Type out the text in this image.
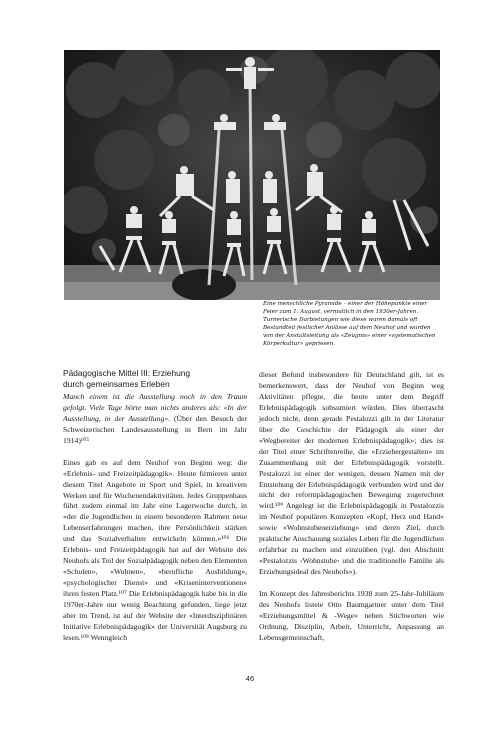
Eine menschliche Pyramide – einer der Höhepunkte einer

Feier zum 1. August, vermutlich in den 1930er-Jahren.

Turnerische Darbietungen wie diese waren damals oft

Bestandteil festlicher Anlässe auf dem Neuhof und wurden

von der Anstaltsleitung als «Zeugnis» einer «systematischen

Körperkultur» gepriesen.

Pädagogische Mittel III: Erziehung
durch gemeinsames Erleben

Manch einem ist die Ausstellung noch in den Traum gefolgt. Viele Tage hörte man nichts anderes als: «In der Ausstellung, in der Ausstellung». (Über den Besuch der Schweizerischen Landesausstellung in Bern im Jahr 1914)¹⁰⁵

Eines gab es auf dem Neuhof von Beginn weg: die «Erlebnis- und Freizeitpädagogik». Heute firmieren unter diesem Titel Angebote in Sport und Spiel, in kreativem Werken und für Wochenendaktivitäten. Jedes Gruppenhaus führt zudem einmal im Jahr eine Lagerwoche durch, in «der die Jugendlichen in einem besonderen Rahmen neue Lebenserfahrungen machen, ihre Persönlichkeit stärken und das Sozialverhalten entwickeln können.»¹⁰⁶ Die Erlebnis- und Freizeitpädagogik hat auf der Website des Neuhofs als Teil der Sozialpädagogik neben den Elementen «Schulen», «Wohnen», «berufliche Ausbildung», «psychologischer Dienst» und «Kriseninterventionen» ihren festen Platz.¹⁰⁷ Die Erlebnispädagogik habe bis in die 1970er-Jahre nur wenig Beachtung gefunden, liege jetzt aber im Trend, ist auf der Website der «Interdisziplinären Initiative Erlebnispädagogik» der Universität Augsburg zu lesen.¹⁰⁸ Wenngleich

dieser Befund insbesondere für Deutschland gilt, ist es bemerkenswert, dass der Neuhof von Beginn weg Aktivitäten pflegte, die heute unter dem Begriff Erlebnispädagogik subsumiert würden. Dies überrascht jedoch nicht, denn gerade Pestalozzi gilt in der Literatur über die Geschichte der Pädagogik als einer der «Wegbereiter der modernen Erlebnispädagogik»; dies ist der Titel einer Schriftenreihe, die «Erziehergestalten» im Zusammenhang mit der Erlebnispädagogik vorstellt. Pestalozzi ist einer der wenigen, dessen Namen mit der Entstehung der Erlebnispädagogik verbunden wird und der nicht der reformpädagogischen Bewegung zugerechnet wird.¹⁰⁹ Angelegt ist die Erlebnispädagogik in Pestalozzis im Neuhof populären Konzepten «Kopf, Herz und Hand» sowie «Wohnstubenerziehung» und deren Ziel, durch praktische Anschauung soziales Leben für die Jugendlichen erfahrbar zu machen und einzuüben (vgl. den Abschnitt «Pestalozzis ‹Wohnstube› und die traditionelle Familie als Erziehungsideal des Neuhofs»).

Im Konzept des Jahresberichts 1938 zum 25-Jahr-Jubiläum des Neuhofs listete Otto Baumgartner unter dem Titel «Erziehungsmittel & -Wege» neben Stichworten wie Ordnung, Disziplin, Arbeit, Unterricht, Anpassung an Lebensgemeinschaft,

46
